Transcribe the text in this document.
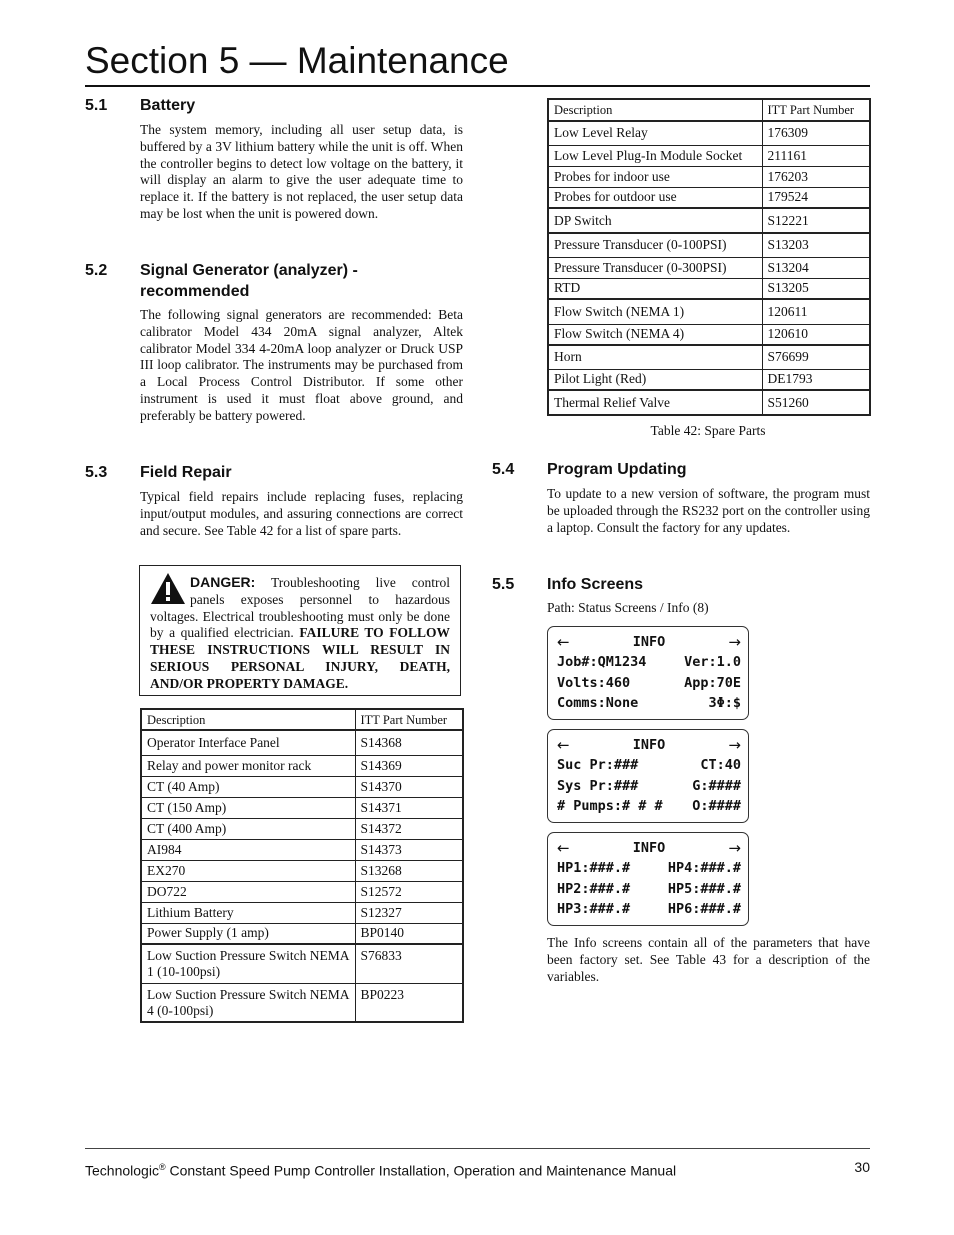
Section 5 — Maintenance
5.1 Battery
The system memory, including all user setup data, is buffered by a 3V lithium battery while the unit is off. When the controller begins to detect low voltage on the battery, it will display an alarm to give the user adequate time to replace it. If the battery is not replaced, the user setup data may be lost when the unit is powered down.
5.2 Signal Generator (analyzer) -
recommended
The following signal generators are recommended: Beta calibrator Model 434 20mA signal analyzer, Altek calibrator Model 334 4-20mA loop analyzer or Druck USP III loop calibrator. The instruments may be purchased from a Local Process Control Distributor. If some other instrument is used it must float above ground, and preferably be battery powered.
5.3 Field Repair
Typical field repairs include replacing fuses, replacing input/output modules, and assuring connections are correct and secure. See Table 42 for a list of spare parts.
DANGER: Troubleshooting live control panels exposes personnel to hazardous voltages. Electrical troubleshooting must only be done by a qualified electrician. FAILURE TO FOLLOW THESE INSTRUCTIONS WILL RESULT IN SERIOUS PERSONAL INJURY, DEATH, AND/OR PROPERTY DAMAGE.
Description	ITT Part Number
Operator Interface Panel	S14368
Relay and power monitor rack	S14369
CT (40 Amp)	S14370
CT (150 Amp)	S14371
CT (400 Amp)	S14372
AI984	S14373
EX270	S13268
DO722	S12572
Lithium Battery	S12327
Power Supply (1 amp)	BP0140
Low Suction Pressure Switch NEMA 1 (10-100psi)	S76833
Low Suction Pressure Switch NEMA 4 (0-100psi)	BP0223
Description	ITT Part Number
Low Level Relay	176309
Low Level Plug-In Module Socket	211161
Probes for indoor use	176203
Probes for outdoor use	179524
DP Switch	S12221
Pressure Transducer (0-100PSI)	S13203
Pressure Transducer (0-300PSI)	S13204
RTD	S13205
Flow Switch (NEMA 1)	120611
Flow Switch (NEMA 4)	120610
Horn	S76699
Pilot Light (Red)	DE1793
Thermal Relief Valve	S51260
Table 42: Spare Parts
5.4 Program Updating
To update to a new version of software, the program must be uploaded through the RS232 port on the controller using a laptop. Consult the factory for any updates.
5.5 Info Screens
Path: Status Screens / Info (8)
INFO
←	→
Job#:QM1234	Ver:1.0
Volts:460	App:70E
Comms:None	3Φ:$
INFO
←	→
Suc Pr:###	CT:40
Sys Pr:###	G:####
# Pumps:# # # O:####
INFO
←	→
HP1:###.#	HP4:###.#
HP2:###.#	HP5:###.#
HP3:###.#	HP6:###.#
The Info screens contain all of the parameters that have been factory set. See Table 43 for a description of the variables.
Technologic® Constant Speed Pump Controller Installation, Operation and Maintenance Manual	30
